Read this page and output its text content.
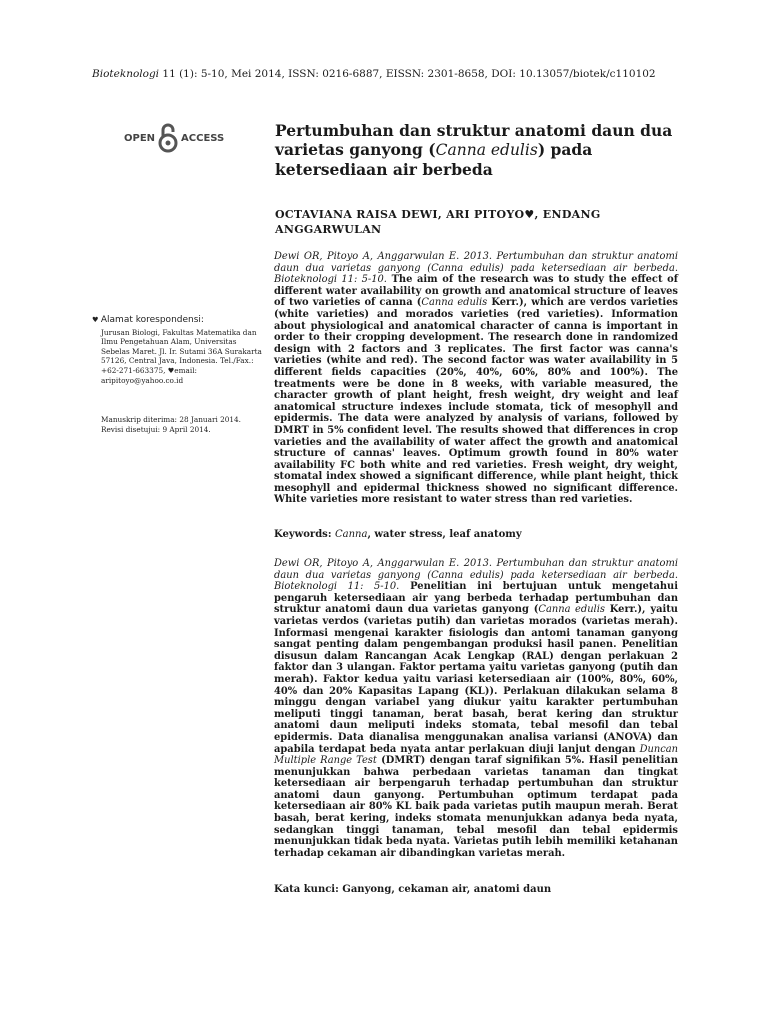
Bioteknologi 11 (1): 5-10, Mei 2014, ISSN: 0216-6887, EISSN: 2301-8658, DOI: 10.13057/biotek/c110102
OPEN	ACCESS	Pertumbuhan dan struktur anatomi daun dua varietas ganyong (Canna edulis) pada ketersediaan air berbeda
OCTAVIANA RAISA DEWI, ARI PITOYO♥, ENDANG ANGGARWULAN
♥ Alamat korespondensi:

Jurusan Biologi, Fakultas Matematika dan Ilmu Pengetahuan Alam, Universitas Sebelas Maret. Jl. Ir. Sutami 36A Surakarta 57126, Central Java, Indonesia. Tel./Fax.: +62-271-663375, ♥email: aripitoyo@yahoo.co.id

Manuskrip diterima: 28 Januari 2014.
Revisi disetujui: 9 April 2014.

Dewi OR, Pitoyo A, Anggarwulan E. 2013. Pertumbuhan dan struktur anatomi daun dua varietas ganyong (Canna edulis) pada ketersediaan air berbeda. Bioteknologi 11: 5-10. The aim of the research was to study the effect of different water availability on growth and anatomical structure of leaves of two varieties of canna (Canna edulis Kerr.), which are verdos varieties (white varieties) and morados varieties (red varieties). Information about physiological and anatomical character of canna is important in order to their cropping development. The research done in randomized design with 2 factors and 3 replicates. The first factor was canna's varieties (white and red). The second factor was water availability in 5 different fields capacities (20%, 40%, 60%, 80% and 100%). The treatments were be done in 8 weeks, with variable measured, the character growth of plant height, fresh weight, dry weight and leaf anatomical structure indexes include stomata, tick of mesophyll and epidermis. The data were analyzed by analysis of varians, followed by DMRT in 5% confident level. The results showed that differences in crop varieties and the availability of water affect the growth and anatomical structure of cannas' leaves. Optimum growth found in 80% water availability FC both white and red varieties. Fresh weight, dry weight, stomatal index showed a significant difference, while plant height, thick mesophyll and epidermal thickness showed no significant difference. White varieties more resistant to water stress than red varieties.

Keywords: Canna, water stress, leaf anatomy

Dewi OR, Pitoyo A, Anggarwulan E. 2013. Pertumbuhan dan struktur anatomi daun dua varietas ganyong (Canna edulis) pada ketersediaan air berbeda. Bioteknologi 11: 5-10. Penelitian ini bertujuan untuk mengetahui pengaruh ketersediaan air yang berbeda terhadap pertumbuhan dan struktur anatomi daun dua varietas ganyong (Canna edulis Kerr.), yaitu varietas verdos (varietas putih) dan varietas morados (varietas merah). Informasi mengenai karakter fisiologis dan antomi tanaman ganyong sangat penting dalam pengembangan produksi hasil panen. Penelitian disusun dalam Rancangan Acak Lengkap (RAL) dengan perlakuan 2 faktor dan 3 ulangan. Faktor pertama yaitu varietas ganyong (putih dan merah). Faktor kedua yaitu variasi ketersediaan air (100%, 80%, 60%, 40% dan 20% Kapasitas Lapang (KL)). Perlakuan dilakukan selama 8 minggu dengan variabel yang diukur yaitu karakter pertumbuhan meliputi tinggi tanaman, berat basah, berat kering dan struktur anatomi daun meliputi indeks stomata, tebal mesofil dan tebal epidermis. Data dianalisa menggunakan analisa variansi (ANOVA) dan apabila terdapat beda nyata antar perlakuan diuji lanjut dengan Duncan Multiple Range Test (DMRT) dengan taraf signifikan 5%. Hasil penelitian menunjukkan bahwa perbedaan varietas tanaman dan tingkat ketersediaan air berpengaruh terhadap pertumbuhan dan struktur anatomi daun ganyong. Pertumbuhan optimum terdapat pada ketersediaan air 80% KL baik pada varietas putih maupun merah. Berat basah, berat kering, indeks stomata menunjukkan adanya beda nyata, sedangkan tinggi tanaman, tebal mesofil dan tebal epidermis menunjukkan tidak beda nyata. Varietas putih lebih memiliki ketahanan terhadap cekaman air dibandingkan varietas merah.

Kata kunci: Ganyong, cekaman air, anatomi daun
